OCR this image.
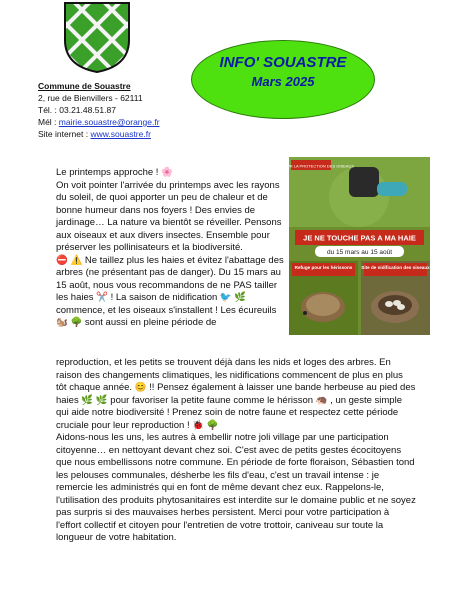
INFO' SOUASTRE
Mars 2025
Commune de Souastre
2, rue de Bienvillers - 62111
Tél. : 03.21.48.51.87
Mél : mairie.souastre@orange.fr
Site internet : www.souastre.fr
LIGUE POUR LA PROTECTION DES OISEAUX
JE NE TOUCHE PAS A MA HAIE
du 15 mars au 15 août
Refuge pour les hérissons Site de nidification des oiseaux
Le printemps approche ! 🌸
On voit pointer l'arrivée du printemps avec les rayons du soleil, de quoi apporter un peu de chaleur et de bonne humeur dans nos foyers ! Des envies de jardinage… La nature va bientôt se réveiller. Pensons aux oiseaux et aux divers insectes. Ensemble pour préserver les pollinisateurs et la biodiversité.
⛔ ⚠️ Ne taillez plus les haies et évitez l'abattage des arbres (ne présentant pas de danger). Du 15 mars au 15 août, nous vous recommandons de ne PAS tailler les haies ✂️ ! La saison de nidification 🐦 🌿 commence, et les oiseaux s'installent ! Les écureuils 🐿️ 🌳 sont aussi en pleine période de
reproduction, et les petits se trouvent déjà dans les nids et loges des arbres. En raison des changements climatiques, les nidifications commencent de plus en plus tôt chaque année. 😊 !! Pensez également à laisser une bande herbeuse au pied des haies 🌿 🌿 pour favoriser la petite faune comme le hérisson 🦔 , un geste simple qui aide notre biodiversité ! Prenez soin de notre faune et respectez cette période cruciale pour leur reproduction ! 🐞 🌳
Aidons-nous les uns, les autres à embellir notre joli village par une participation citoyenne… en nettoyant devant chez soi. C'est avec de petits gestes écocitoyens que nous embellissons notre commune. En période de forte floraison, Sébastien tond les pelouses communales, désherbe les fils d'eau, c'est un travail intense : je remercie les administrés qui en font de même devant chez eux. Rappelons-le, l'utilisation des produits phytosanitaires est interdite sur le domaine public et ne soyez pas surpris si des mauvaises herbes persistent. Merci pour votre participation à l'effort collectif et citoyen pour l'entretien de votre trottoir, caniveau sur toute la longueur de votre habitation.
